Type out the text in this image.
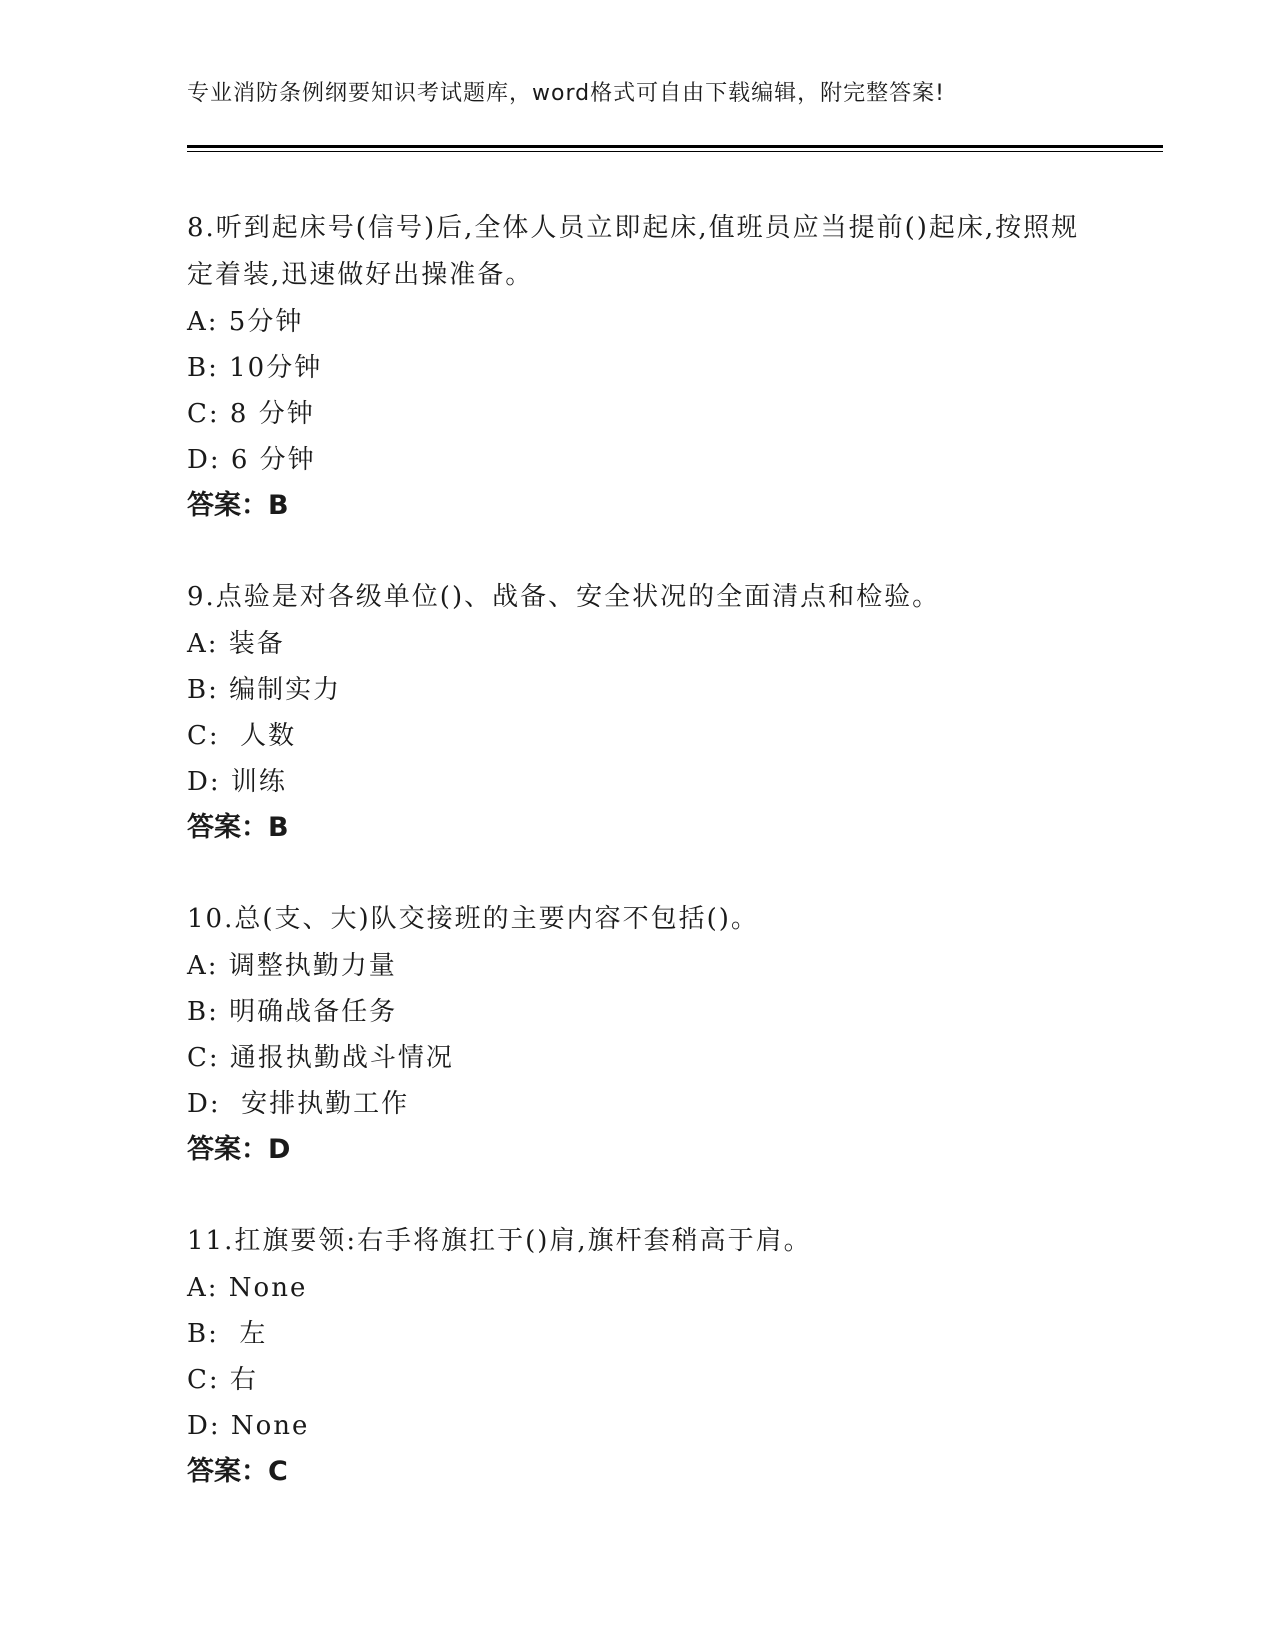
专业消防条例纲要知识考试题库，word格式可自由下载编辑，附完整答案!
8.听到起床号(信号)后,全体人员立即起床,值班员应当提前()起床,按照规定着装,迅速做好出操准备。
A: 5分钟
B: 10分钟
C: 8 分钟
D: 6 分钟
答案：B
9.点验是对各级单位()、战备、安全状况的全面清点和检验。
A: 装备
B: 编制实力
C:  人数
D: 训练
答案：B
10.总(支、大)队交接班的主要内容不包括()。
A: 调整执勤力量
B: 明确战备任务
C: 通报执勤战斗情况
D:  安排执勤工作
答案：D
11.扛旗要领:右手将旗扛于()肩,旗杆套稍高于肩。
A: None
B:  左
C: 右
D: None
答案：C
